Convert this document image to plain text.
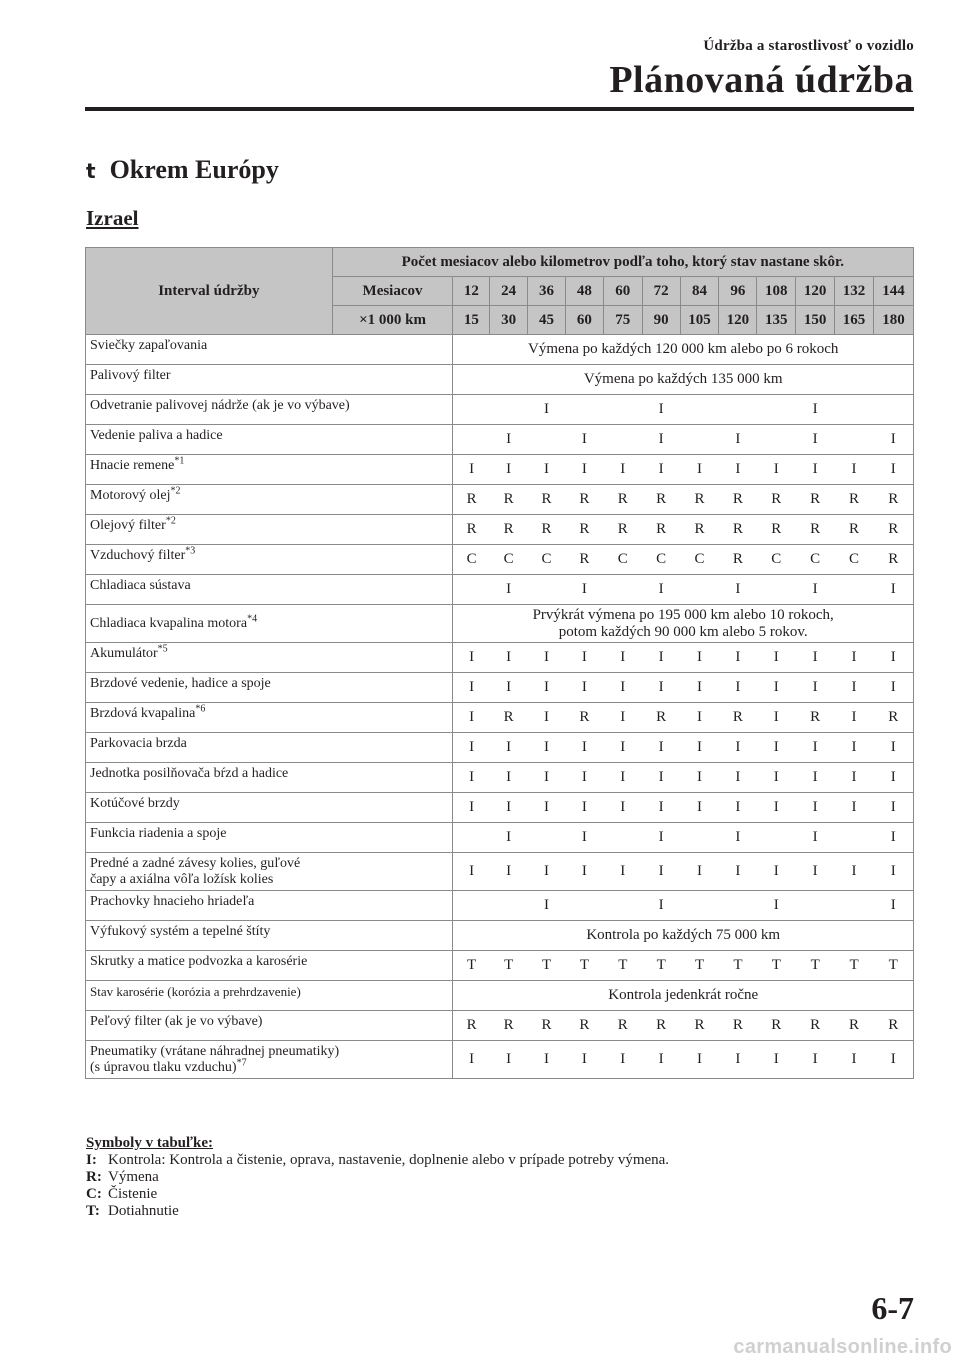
Údržba a starostlivosť o vozidlo
Plánovaná údržba
t Okrem Európy
Izrael
Interval údržby	Počet mesiacov alebo kilometrov podľa toho, ktorý stav nastane skôr.												
	Mesiacov	12	24	36	48	60	72	84	96	108	120	132	144
	×1 000 km	15	30	45	60	75	90	105	120	135	150	165	180
Sviečky zapaľovania		Výmena po každých 120 000 km alebo po 6 rokoch											
Palivový filter		Výmena po každých 135 000 km											
Odvetranie palivovej nádrže (ak je vo výbave)				I			I				I		
Vedenie paliva a hadice			I		I		I		I		I		I
Hnacie remene$^{*1}$		I	I	I	I	I	I	I	I	I	I	I	I
Motorový olej$^{*2}$		R	R	R	R	R	R	R	R	R	R	R	R
Olejový filter$^{*2}$		R	R	R	R	R	R	R	R	R	R	R	R
Vzduchový filter$^{*3}$		C	C	C	R	C	C	C	R	C	C	C	R
Chladiaca sústava			I		I		I		I		I		I
Chladiaca kvapalina motora$^{*4}$		Prvýkrát výmena po 195 000 km alebo 10 rokoch,
potom každých 90 000 km alebo 5 rokov.											
Akumulátor$^{*5}$		I	I	I	I	I	I	I	I	I	I	I	I
Brzdové vedenie, hadice a spoje		I	I	I	I	I	I	I	I	I	I	I	I
Brzdová kvapalina$^{*6}$		I	R	I	R	I	R	I	R	I	R	I	R
Parkovacia brzda		I	I	I	I	I	I	I	I	I	I	I	I
Jednotka posilňovača bŕzd a hadice		I	I	I	I	I	I	I	I	I	I	I	I
Kotúčové brzdy		I	I	I	I	I	I	I	I	I	I	I	I
Funkcia riadenia a spoje			I		I		I		I		I		I
Predné a zadné závesy kolies, guľové
čapy a axiálna vôľa ložísk kolies		I	I	I	I	I	I	I	I	I	I	I	I
Prachovky hnacieho hriadeľa				I			I			I			I
Výfukový systém a tepelné štíty		Kontrola po každých 75 000 km											
Skrutky a matice podvozka a karosérie		T	T	T	T	T	T	T	T	T	T	T	T
Stav karosérie (korózia a prehrdzavenie)		Kontrola jedenkrát ročne											
Peľový filter (ak je vo výbave)		R	R	R	R	R	R	R	R	R	R	R	R
Pneumatiky (vrátane náhradnej pneumatiky)
(s úpravou tlaku vzduchu)$^{*7}$		I	I	I	I	I	I	I	I	I	I	I	I
Symboly v tabuľke:
I: Kontrola: Kontrola a čistenie, oprava, nastavenie, doplnenie alebo v prípade potreby výmena.
R: Výmena
C: Čistenie
T: Dotiahnutie
6-7
carmanualsonline.info
